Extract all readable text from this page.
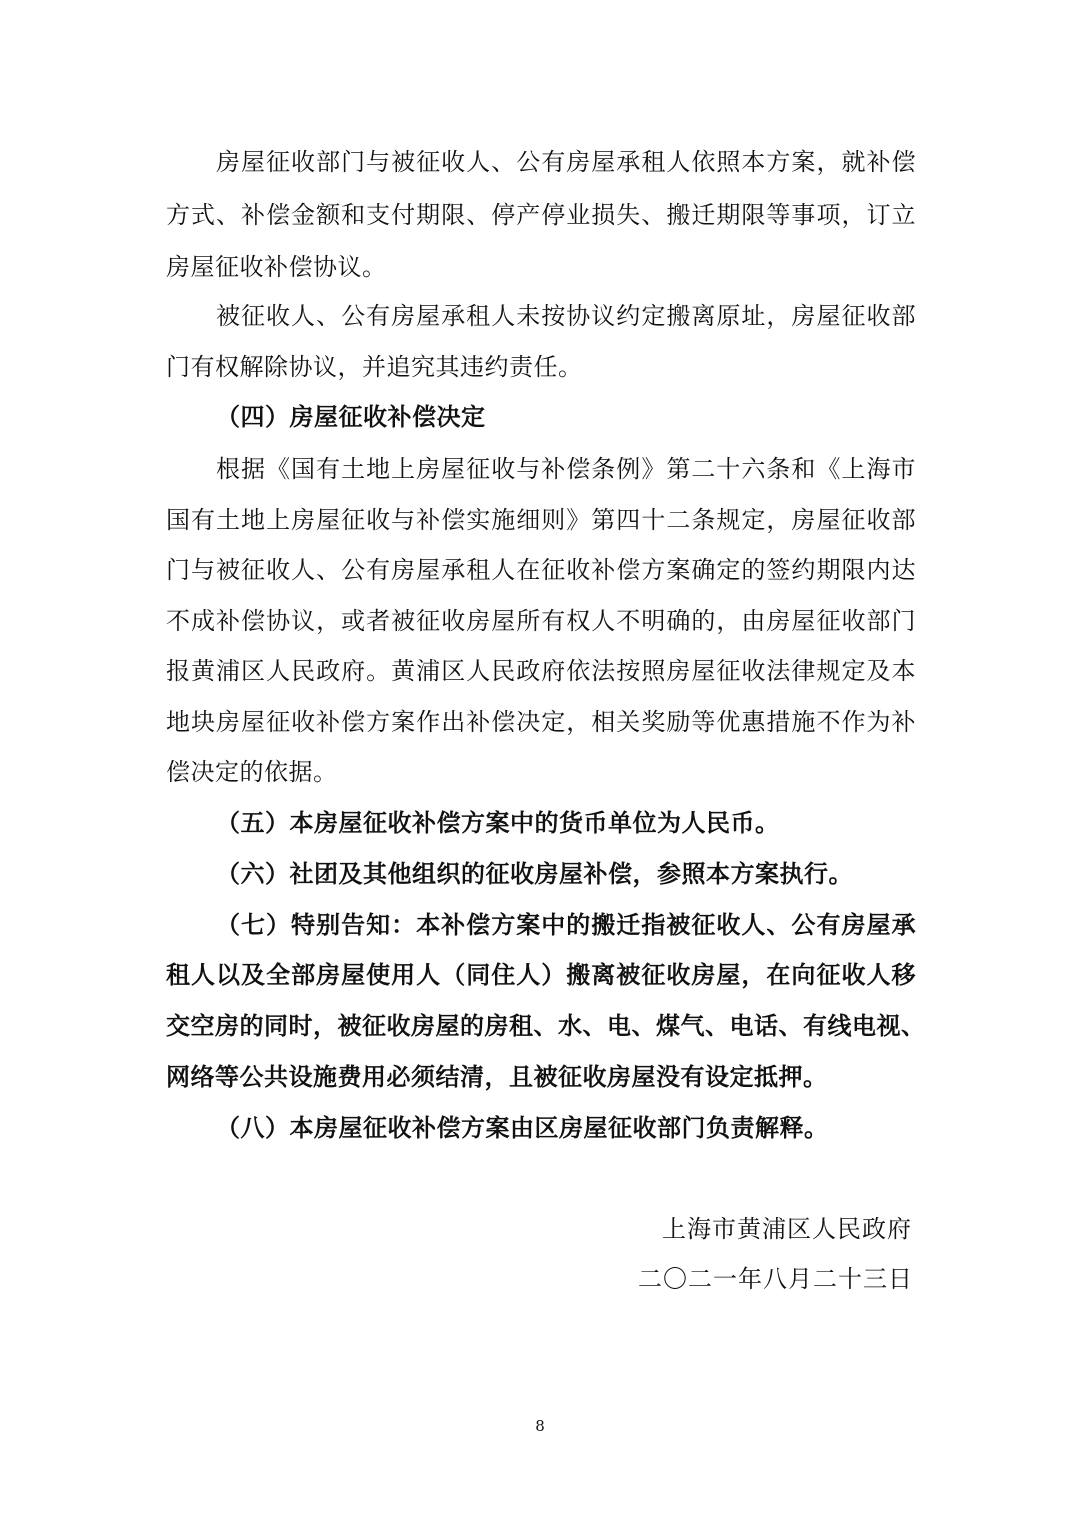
房屋征收部门与被征收人、公有房屋承租人依照本方案，就补偿
方式、补偿金额和支付期限、停产停业损失、搬迁期限等事项，订立
房屋征收补偿协议。
被征收人、公有房屋承租人未按协议约定搬离原址，房屋征收部
门有权解除协议，并追究其违约责任。
（四）房屋征收补偿决定
根据《国有土地上房屋征收与补偿条例》第二十六条和《上海市
国有土地上房屋征收与补偿实施细则》第四十二条规定，房屋征收部
门与被征收人、公有房屋承租人在征收补偿方案确定的签约期限内达
不成补偿协议，或者被征收房屋所有权人不明确的，由房屋征收部门
报黄浦区人民政府。黄浦区人民政府依法按照房屋征收法律规定及本
地块房屋征收补偿方案作出补偿决定，相关奖励等优惠措施不作为补
偿决定的依据。
（五）本房屋征收补偿方案中的货币单位为人民币。
（六）社团及其他组织的征收房屋补偿，参照本方案执行。
（七）特别告知：本补偿方案中的搬迁指被征收人、公有房屋承
租人以及全部房屋使用人（同住人）搬离被征收房屋，在向征收人移
交空房的同时，被征收房屋的房租、水、电、煤气、电话、有线电视、
网络等公共设施费用必须结清，且被征收房屋没有设定抵押。
（八）本房屋征收补偿方案由区房屋征收部门负责解释。
上海市黄浦区人民政府
二〇二一年八月二十三日
8
